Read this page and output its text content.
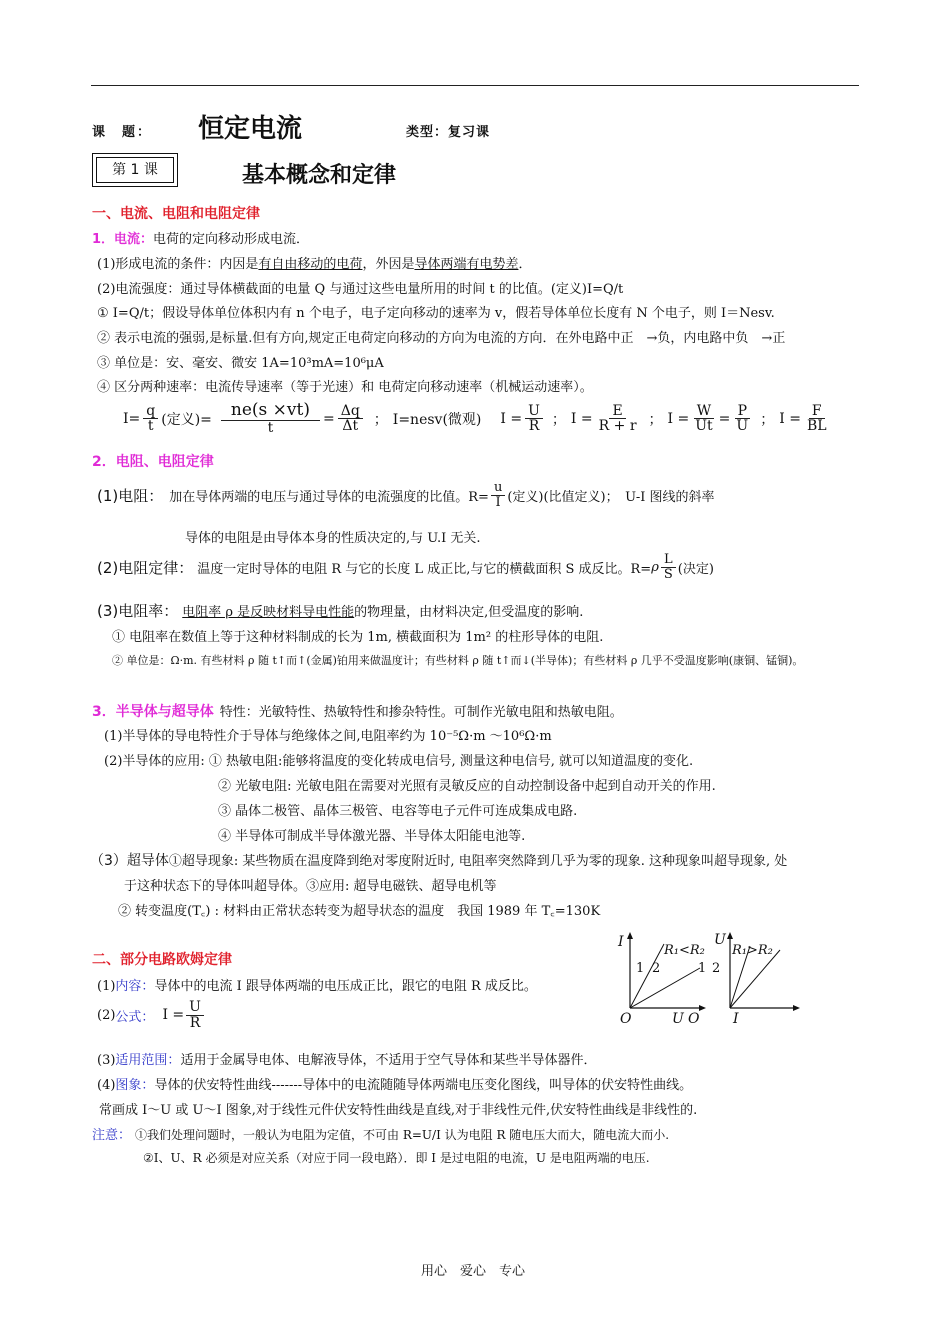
课　题： 恒定电流	类型：复习课
第 1 课	基本概念和定律
一、电流、电阻和电阻定律
1．电流：电荷的定向移动形成电流．
(1)形成电流的条件：内因是有自由移动的电荷，外因是导体两端有电势差．
(2)电流强度：通过导体横截面的电量 Q 与通过这些电量所用的时间 t 的比值。(定义)I=Q/t
① I=Q/t；假设导体单位体积内有 n 个电子，电子定向移动的速率为 v，假若导体单位长度有 N 个电子，则 I＝Nesv.
② 表示电流的强弱,是标量.但有方向,规定正电荷定向移动的方向为电流的方向．在外电路中正　→负，内电路中负　→正
③ 单位是：安、毫安、微安 1A=10³mA=10⁶μA
④ 区分两种速率：电流传导速率（等于光速）和 电荷定向移动速率（机械运动速率）。
$I= \frac{q}{t}$ (定义)= $\frac{ne(s \times vt)}{t} = \frac{\Delta q}{\Delta t}$ ； I=nesv(微观) $I = \frac{U}{R}$ ； $I = \frac{E}{R + r}$ ； $I = \frac{W}{Ut} = \frac{P}{U}$ ； $I = \frac{F}{BL}$
2．电阻、电阻定律
(1)电阻： 加在导体两端的电压与通过导体的电流强度的比值。$R= \frac{u}{I}$ (定义)(比值定义)；　U-I 图线的斜率
导体的电阻是由导体本身的性质决定的,与 U.I 无关.
(2)电阻定律： 温度一定时导体的电阻 R 与它的长度 L 成正比,与它的横截面积 S 成反比。R= ρ $\frac{L}{S}$ (决定)
(3)电阻率： 电阻率 ρ 是反映材料导电性能的物理量，由材料决定,但受温度的影响.
① 电阻率在数值上等于这种材料制成的长为 1m, 横截面积为 1m² 的柱形导体的电阻.
② 单位是：Ω·m. 有些材料 ρ 随 t↑而↑(金属)铂用来做温度计；有些材料 ρ 随 t↑而↓(半导体)；有些材料 ρ 几乎不受温度影响(康铜、锰铜)。
3．半导体与超导体 特性：光敏特性、热敏特性和掺杂特性。可制作光敏电阻和热敏电阻。
(1)半导体的导电特性介于导体与绝缘体之间,电阻率约为 10⁻⁵Ω·m ～10⁶Ω·m
(2)半导体的应用: ① 热敏电阻:能够将温度的变化转成电信号, 测量这种电信号, 就可以知道温度的变化.
② 光敏电阻: 光敏电阻在需要对光照有灵敏反应的自动控制设备中起到自动开关的作用.
③ 晶体二极管、晶体三极管、电容等电子元件可连成集成电路.
④ 半导体可制成半导体激光器、半导体太阳能电池等.
（3）超导体①超导现象: 某些物质在温度降到绝对零度附近时, 电阻率突然降到几乎为零的现象. 这种现象叫超导现象, 处
于这种状态下的导体叫超导体。③应用: 超导电磁铁、超导电机等
② 转变温度(T꜀) : 材料由正常状态转变为超导状态的温度　我国 1989 年 T꜀=130K
二、部分电路欧姆定律
(1)内容：导体中的电流 I 跟导体两端的电压成正比，跟它的电阻 R 成反比。
(2) 公式： $I = \frac{U}{R}$
(3)适用范围：适用于金属导电体、电解液导体，不适用于空气导体和某些半导体器件．
(4)图象：导体的伏安特性曲线-------导体中的电流随随导体两端电压变化图线，叫导体的伏安特性曲线。
常画成 I～U 或 U～I 图象,对于线性元件伏安特性曲线是直线,对于非线性元件,伏安特性曲线是非线性的.
注意： ①我们处理问题时，一般认为电阻为定值，不可由 R=U/I 认为电阻 R 随电压大而大，随电流大而小.
②I、U、R 必须是对应关系（对应于同一段电路）．即 I 是过电阻的电流，U 是电阻两端的电压.
I
R₁<R₂
1 2
O	U
U
R₁>R₂
1 2
O I
用心　爱心　专心
